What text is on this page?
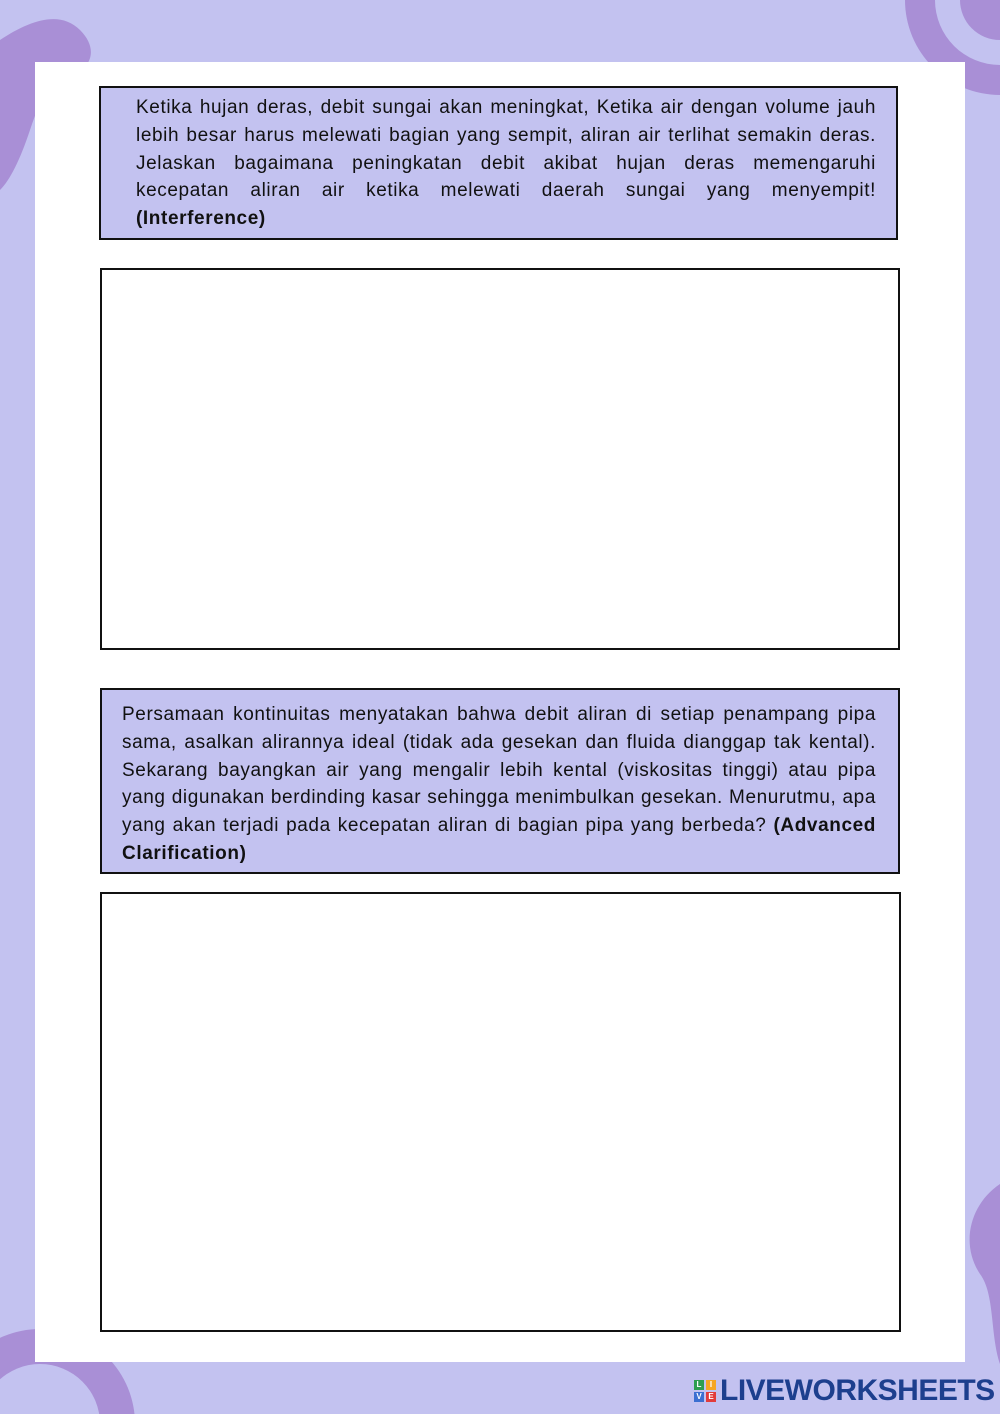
Ketika hujan deras, debit sungai akan meningkat, Ketika air dengan volume jauh lebih besar harus melewati bagian yang sempit, aliran air terlihat semakin deras. Jelaskan bagaimana peningkatan debit akibat hujan deras memengaruhi kecepatan aliran air ketika melewati daerah sungai yang menyempit! (Interference)
Persamaan kontinuitas menyatakan bahwa debit aliran di setiap penampang pipa sama, asalkan alirannya ideal (tidak ada gesekan dan fluida dianggap tak kental). Sekarang bayangkan air yang mengalir lebih kental (viskositas tinggi) atau pipa yang digunakan berdinding kasar sehingga menimbulkan gesekan. Menurutmu, apa yang akan terjadi pada kecepatan aliran di bagian pipa yang berbeda? (Advanced Clarification)
L	I
V E LIVEWORKSHEETS
